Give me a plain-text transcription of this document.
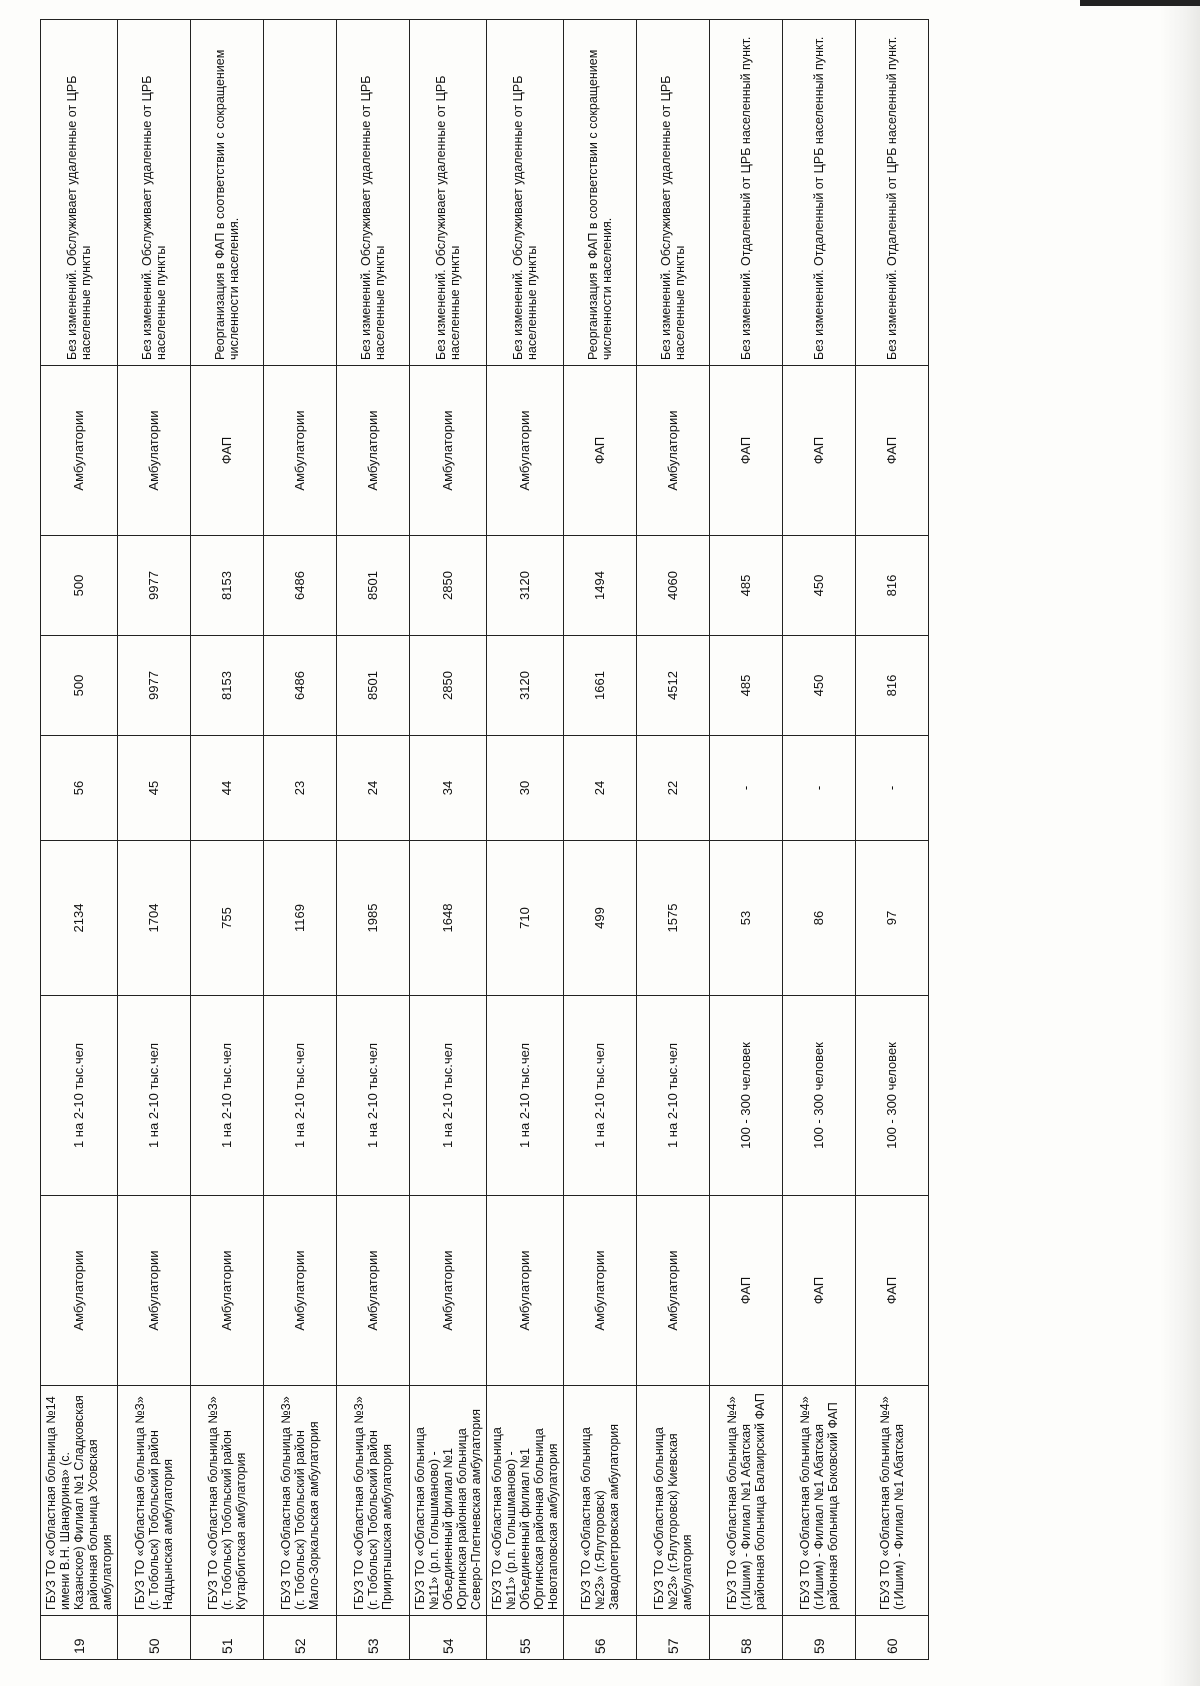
19	ГБУЗ ТО «Областная больница №14 имени В.Н. Шанаурина» (с. Казанское) Филиал №1 Сладковская районная больница Усовская амбулатория	Амбулатории	1 на 2-10 тыс.чел	2134	56	500	500	Амбулатории	Без изменений. Обслуживает удаленные от ЦРБ населенные пункты
50	ГБУЗ ТО «Областная больница №3» (г. Тобольск) Тобольский район Надцынская амбулатория	Амбулатории	1 на 2-10 тыс.чел	1704	45	9977	9977	Амбулатории	Без изменений. Обслуживает удаленные от ЦРБ населенные пункты
51	ГБУЗ ТО «Областная больница №3» (г. Тобольск) Тобольский район Кутарбитская амбулатория	Амбулатории	1 на 2-10 тыс.чел	755	44	8153	8153	ФАП	Реорганизация в ФАП в соответствии с сокращением численности населения.
52	ГБУЗ ТО «Областная больница №3» (г. Тобольск) Тобольский район Мало-Зоркальская амбулатория	Амбулатории	1 на 2-10 тыс.чел	1169	23	6486	6486	Амбулатории	
53	ГБУЗ ТО «Областная больница №3» (г. Тобольск) Тобольский район Прииртышская амбулатория	Амбулатории	1 на 2-10 тыс.чел	1985	24	8501	8501	Амбулатории	Без изменений. Обслуживает удаленные от ЦРБ населенные пункты
54	ГБУЗ ТО «Областная больница №11» (р.п. Голышманово) - Объединенный филиал №1 Юргинская районная больница Северо-Плетневская амбулатория	Амбулатории	1 на 2-10 тыс.чел	1648	34	2850	2850	Амбулатории	Без изменений. Обслуживает удаленные от ЦРБ населенные пункты
55	ГБУЗ ТО «Областная больница №11» (р.п. Голышманово) - Объединенный филиал №1 Юргинская районная больница Новотаповская амбулатория	Амбулатории	1 на 2-10 тыс.чел	710	30	3120	3120	Амбулатории	Без изменений. Обслуживает удаленные от ЦРБ населенные пункты
56	ГБУЗ ТО «Областная больница №23» (г.Ялуторовск) Заводопетровская амбулатория	Амбулатории	1 на 2-10 тыс.чел	499	24	1661	1494	ФАП	Реорганизация в ФАП в соответствии с сокращением численности населения.
57	ГБУЗ ТО «Областная больница №23» (г.Ялуторовск) Киевская амбулатория	Амбулатории	1 на 2-10 тыс.чел	1575	22	4512	4060	Амбулатории	Без изменений. Обслуживает удаленные от ЦРБ населенные пункты
58	ГБУЗ ТО «Областная больница №4» (г.Ишим) - Филиал №1 Абатская районная больница Балаирский ФАП	ФАП	100 - 300 человек	53	-	485	485	ФАП	Без изменений. Отдаленный от ЦРБ населенный пункт.
59	ГБУЗ ТО «Областная больница №4» (г.Ишим) - Филиал №1 Абатская районная больница Боковский ФАП	ФАП	100 - 300 человек	86	-	450	450	ФАП	Без изменений. Отдаленный от ЦРБ населенный пункт.
60	ГБУЗ ТО «Областная больница №4» (г.Ишим) - Филиал №1 Абатская	ФАП	100 - 300 человек	97	-	816	816	ФАП	Без изменений. Отдаленный от ЦРБ населенный пункт.
